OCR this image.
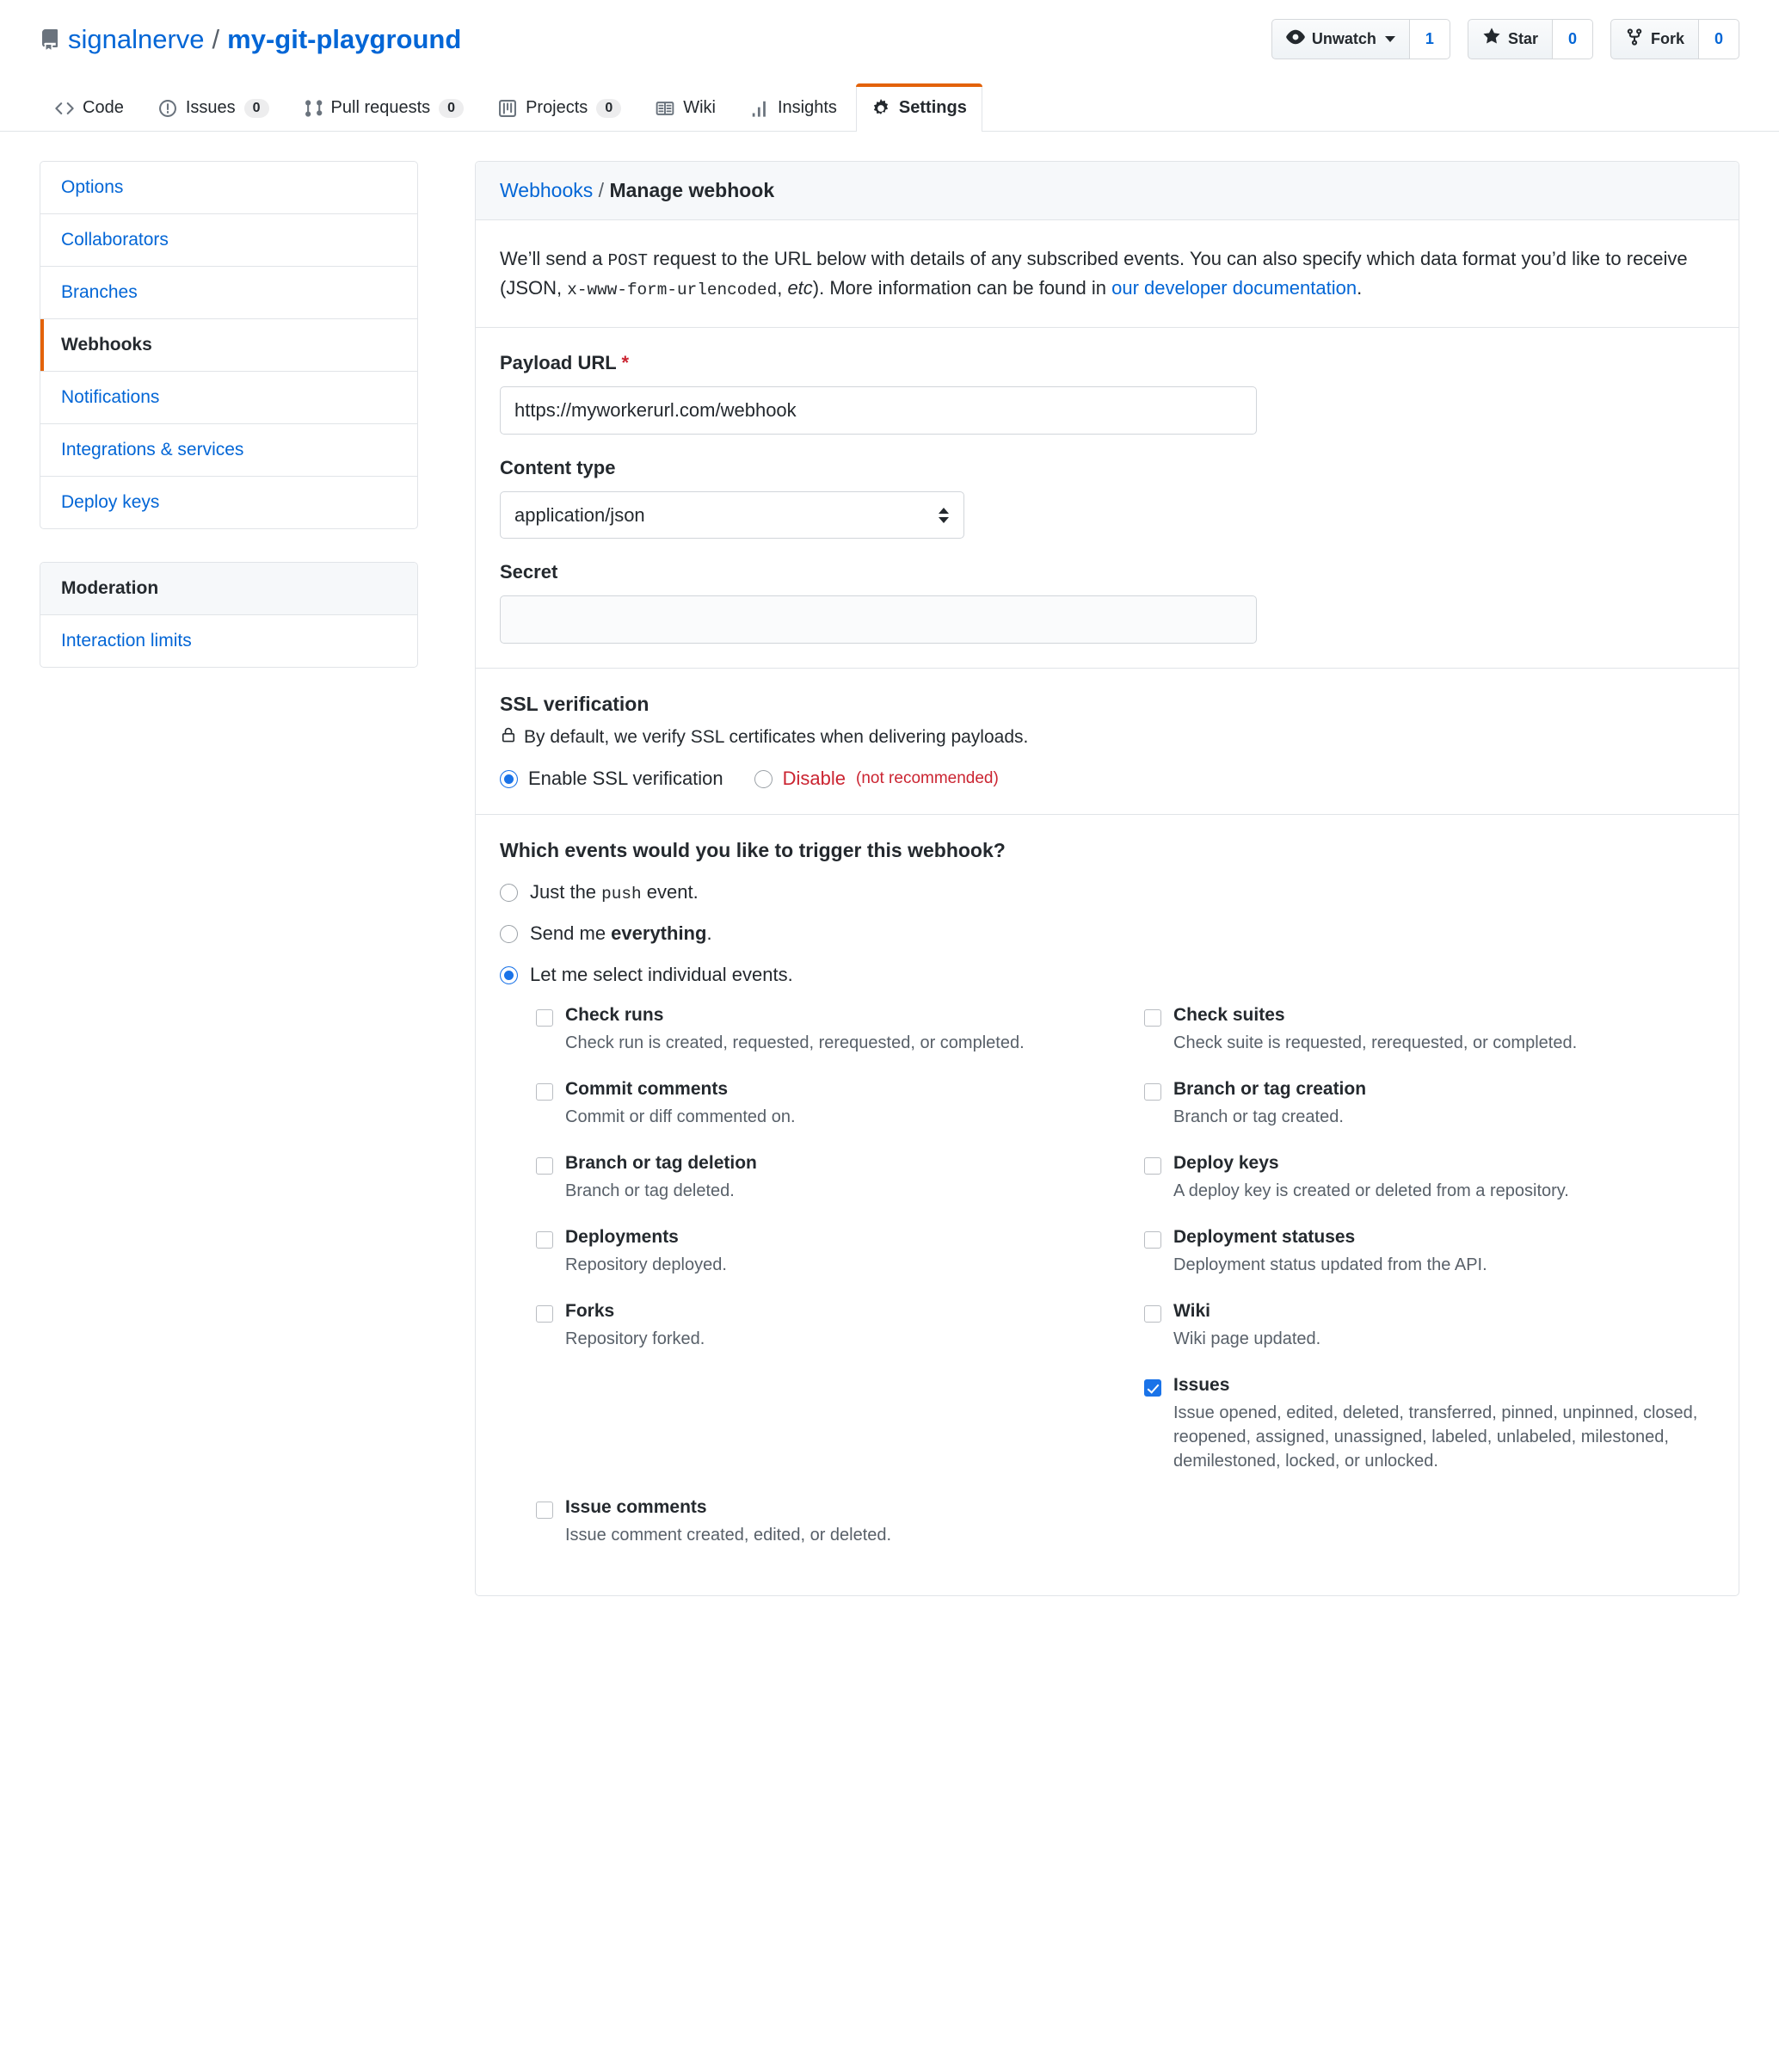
signalnerve / my-git-playground	Unwatch	1	Star	0	Fork	0
Code	Issues	0	Pull requests	0	Projects	0	Wiki	Insights	Settings
Options
Collaborators
Branches
Webhooks
Notifications
Integrations & services
Deploy keys
Moderation
Interaction limits
Webhooks / Manage webhook
We’ll send a POST request to the URL below with details of any subscribed events. You can also specify which data format you’d like to receive (JSON, x-www-form-urlencoded, etc). More information can be found in our developer documentation.
Payload URL *
https://myworkerurl.com/webhook
Content type
application/json
Secret
SSL verification
By default, we verify SSL certificates when delivering payloads.
Enable SSL verification	Disable (not recommended)
Which events would you like to trigger this webhook?
Just the push event.
Send me everything.
Let me select individual events.
Check runs
Check run is created, requested, rerequested, or completed.
Check suites
Check suite is requested, rerequested, or completed.
Commit comments
Commit or diff commented on.
Branch or tag creation
Branch or tag created.
Branch or tag deletion
Branch or tag deleted.
Deploy keys
A deploy key is created or deleted from a repository.
Deployments
Repository deployed.
Deployment statuses
Deployment status updated from the API.
Forks
Repository forked.
Wiki
Wiki page updated.
Issues
Issue opened, edited, deleted, transferred, pinned, unpinned, closed, reopened, assigned, unassigned, labeled, unlabeled, milestoned, demilestoned, locked, or unlocked.
Issue comments
Issue comment created, edited, or deleted.
